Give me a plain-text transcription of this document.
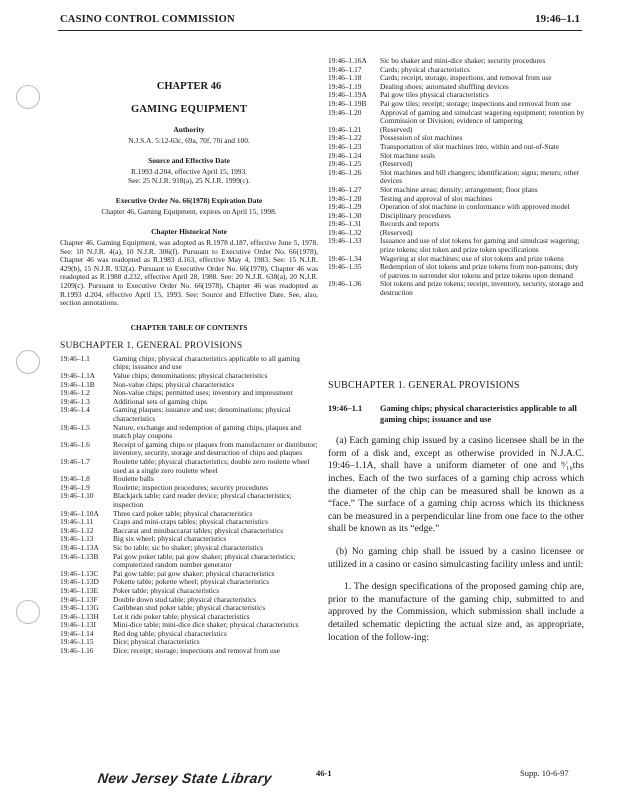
CASINO CONTROL COMMISSION	19:46–1.1
CHAPTER 46
GAMING EQUIPMENT
Authority
N.J.S.A. 5:12-63c, 69a, 70f, 70i and 100.
Source and Effective Date
R.1993 d.204, effective April 15, 1993.
See: 25 N.J.R. 918(a), 25 N.J.R. 1999(c).
Executive Order No. 66(1978) Expiration Date
Chapter 46, Gaming Equipment, expires on April 15, 1998.
Chapter Historical Note
Chapter 46, Gaming Equipment, was adopted as R.1978 d.187, effective June 5, 1978. See: 10 N.J.R. 4(a), 10 N.J.R. 306(f). Pursuant to Executive Order No. 66(1978), Chapter 46 was readopted as R.1983 d.163, effective May 4, 1983. See: 15 N.J.R. 429(b), 15 N.J.R. 932(a). Pursuant to Executive Order No. 66(1978), Chapter 46 was readopted as R.1988 d.232, effective April 28, 1988. See: 20 N.J.R. 638(a), 20 N.J.R. 1209(c). Pursuant to Executive Order No. 66(1978), Chapter 46 was readopted as R.1993 d.204, effective April 15, 1993. See: Source and Effective Date. See, also, section annotations.
CHAPTER TABLE OF CONTENTS
SUBCHAPTER 1. GENERAL PROVISIONS
19:46–1.1	Gaming chips; physical characteristics applicable to all gaming chips; issuance and use
19:46–1.1A	Value chips; denominations; physical characteristics
19:46–1.1B	Non-value chips; physical characteristics
19:46–1.2	Non-value chips; permitted uses; inventory and impressment
19:46–1.3	Additional sets of gaming chips
19:46–1.4	Gaming plaques; issuance and use; denominations; physical characteristics
19:46–1.5	Nature, exchange and redemption of gaming chips, plaques and match play coupons
19:46–1.6	Receipt of gaming chips or plaques from manufacturer or distributor; inventory, security, storage and destruction of chips and plaques
19:46–1.7	Roulette table; physical characteristics; double zero roulette wheel used as a single zero roulette wheel
19:46–1.8	Roulette balls
19:46–1.9	Roulette; inspection procedures; security procedures
19:46–1.10	Blackjack table; card reader device; physical characteristics; inspection
19:46–1.10A	Three card poker table; physical characteristics
19:46–1.11	Craps and mini-craps tables; physical characteristics
19:46–1.12	Baccarat and minibaccarat tables; physical characteristics
19:46–1.13	Big six wheel; physical characteristics
19:46–1.13A	Sic bo table; sic bo shaker; physical characteristics
19:46–1.13B	Pai gow poker table; pai gow shaker; physical characteristics; computerized random number generator
19:46–1.13C	Pai gow table; pai gow shaker; physical characteristics
19:46–1.13D	Pokette table; pokette wheel; physical characteristics
19:46–1.13E	Poker table; physical characteristics
19:46–1.13F	Double down stud table; physical characteristics
19:46–1.13G	Caribbean stud poker table; physical characteristics
19:46–1.13H	Let it ride poker table; physical characteristics
19:46–1.13I	Mini-dice table; mini-dice dice shaker; physical characteristics
19:46–1.14	Red dog table; physical characteristics
19:46–1.15	Dice; physical characteristics
19:46–1.16	Dice; receipt; storage; inspections and removal from use
19:46–1.16A	Sic bo shaker and mini-dice shaker; security procedures
19:46–1.17	Cards; physical characteristics
19:46–1.18	Cards; receipt, storage, inspections, and removal from use
19:46–1.19	Dealing shoes; automated shuffling devices
19:46–1.19A	Pai gow tiles physical characteristics
19:46–1.19B	Pai gow tiles; receipt; storage; inspections and removal from use
19:46–1.20	Approval of gaming and simulcast wagering equipment; retention by Commission or Division; evidence of tampering
19:46–1.21	(Reserved)
19:46–1.22	Possession of slot machines
19:46–1.23	Transportation of slot machines into, within and out-of-State
19:46–1.24	Slot machine seals
19:46–1.25	(Reserved)
19:46–1.26	Slot machines and bill changers; identification; signs; meters; other devices
19:46–1.27	Slot machine areas; density; arrangement; floor plans
19:46–1.28	Testing and approval of slot machines
19:46–1.29	Operation of slot machine in conformance with approved model
19:46–1.30	Disciplinary procedures
19:46–1.31	Records and reports
19:46–1.32	(Reserved)
19:46–1.33	Issuance and use of slot tokens for gaming and simulcast wagering; prize tokens; slot token and prize token specifications
19:46–1.34	Wagering at slot machines; use of slot tokens and prize tokens
19:46–1.35	Redemption of slot tokens and prize tokens from non-patrons; duty of patrons to surrender slot tokens and prize tokens upon demand
19:46–1.36	Slot tokens and prize tokens; receipt, inventory, security, storage and destruction
SUBCHAPTER 1. GENERAL PROVISIONS
19:46–1.1	Gaming chips; physical characteristics applicable to all gaming chips; issuance and use

(a) Each gaming chip issued by a casino licensee shall be in the form of a disk and, except as otherwise provided in N.J.A.C. 19:46–1.1A, shall have a uniform diameter of one and ⁹⁄₁₆ths inches. Each of the two surfaces of a gaming chip across which the diameter of the chip can be measured shall be known as a “face.” The surface of a gaming chip across which its thickness can be measured in a perpendicular line from one face to the other shall be known as its “edge.”

(b) No gaming chip shall be issued by a casino licensee or utilized in a casino or casino simulcasting facility unless and until:

1. The design specifications of the proposed gaming chip are, prior to the manufacture of the gaming chip, submitted to and approved by the Commission, which submission shall include a detailed schematic depicting the actual size and, as appropriate, location of the follow-ing:

New Jersey State Library	46-1	Supp. 10-6-97
